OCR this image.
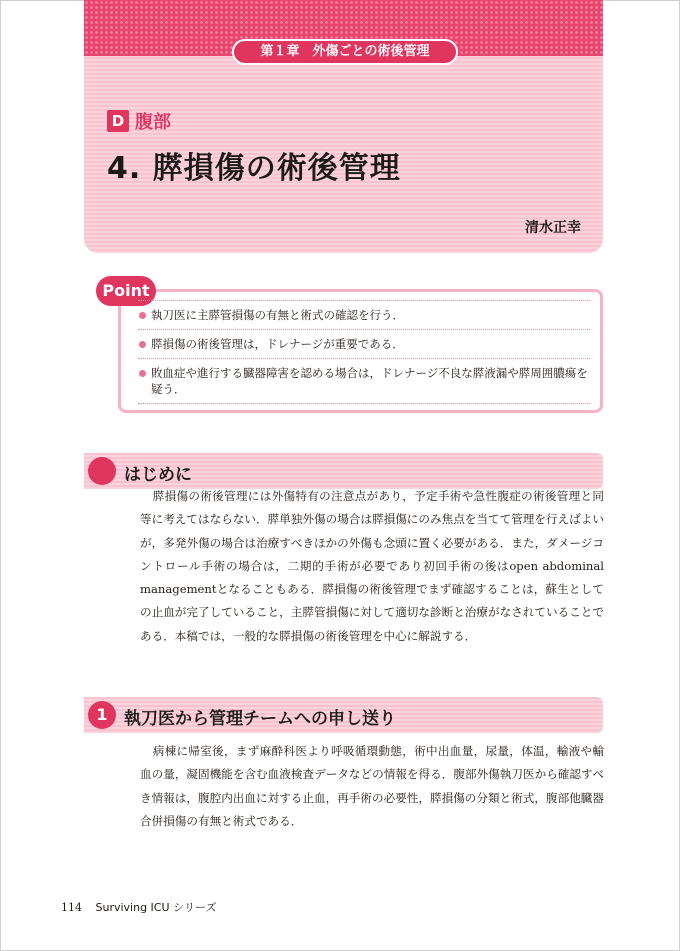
第１章　外傷ごとの術後管理
D 腹部
4. 膵損傷の術後管理
清水正幸
Point
執刀医に主膵管損傷の有無と術式の確認を行う．
膵損傷の術後管理は，ドレナージが重要である．
敗血症や進行する臓器障害を認める場合は，ドレナージ不良な膵液漏や膵周囲膿瘍を疑う．
はじめに

膵損傷の術後管理には外傷特有の注意点があり，予定手術や急性腹症の術後管理と同等に考えてはならない．膵単独外傷の場合は膵損傷にのみ焦点を当てて管理を行えばよいが，多発外傷の場合は治療すべきほかの外傷も念頭に置く必要がある．また，ダメージコントロール手術の場合は，二期的手術が必要であり初回手術の後はopen abdominal managementとなることもある．膵損傷の術後管理でまず確認することは，蘇生としての止血が完了していること，主膵管損傷に対して適切な診断と治療がなされていることである．本稿では，一般的な膵損傷の術後管理を中心に解説する．

1 執刀医から管理チームへの申し送り

病棟に帰室後，まず麻酔科医より呼吸循環動態，術中出血量，尿量，体温，輸液や輸血の量，凝固機能を含む血液検査データなどの情報を得る．腹部外傷執刀医から確認すべき情報は，腹腔内出血に対する止血，再手術の必要性，膵損傷の分類と術式，腹部他臓器合併損傷の有無と術式である．

114 Surviving ICU シリーズ
